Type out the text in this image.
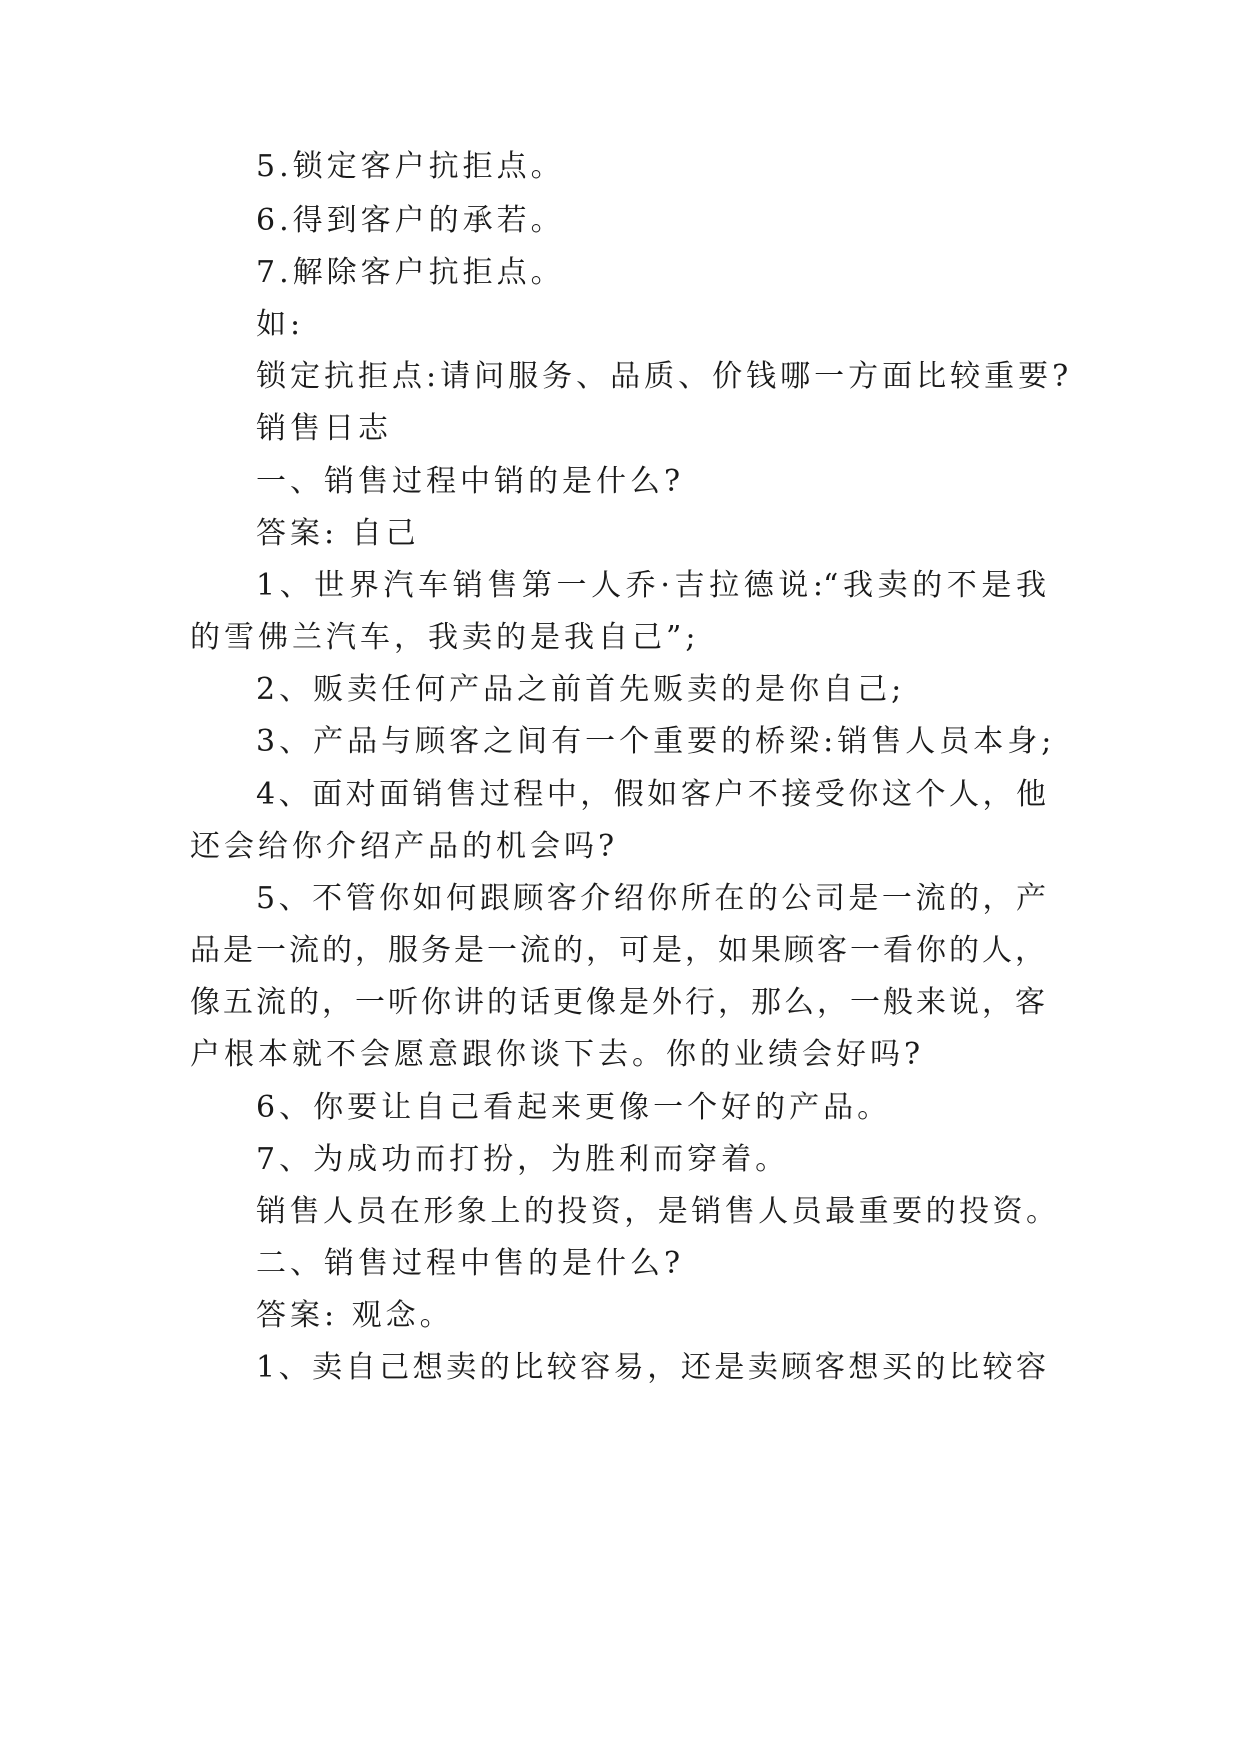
5.锁定客户抗拒点。
6.得到客户的承若。
7.解除客户抗拒点。
如:
锁定抗拒点:请问服务、品质、价钱哪一方面比较重要?
销售日志
一、销售过程中销的是什么?
答案: 自己
1、世界汽车销售第一人乔·吉拉德说:“我卖的不是我
的雪佛兰汽车，我卖的是我自己”;
2、贩卖任何产品之前首先贩卖的是你自己;
3、产品与顾客之间有一个重要的桥梁:销售人员本身;
4、面对面销售过程中，假如客户不接受你这个人，他
还会给你介绍产品的机会吗?
5、不管你如何跟顾客介绍你所在的公司是一流的，产
品是一流的，服务是一流的，可是，如果顾客一看你的人，
像五流的，一听你讲的话更像是外行，那么，一般来说，客
户根本就不会愿意跟你谈下去。你的业绩会好吗?
6、你要让自己看起来更像一个好的产品。
7、为成功而打扮，为胜利而穿着。
销售人员在形象上的投资，是销售人员最重要的投资。
二、销售过程中售的是什么?
答案: 观念。
1、卖自己想卖的比较容易，还是卖顾客想买的比较容
